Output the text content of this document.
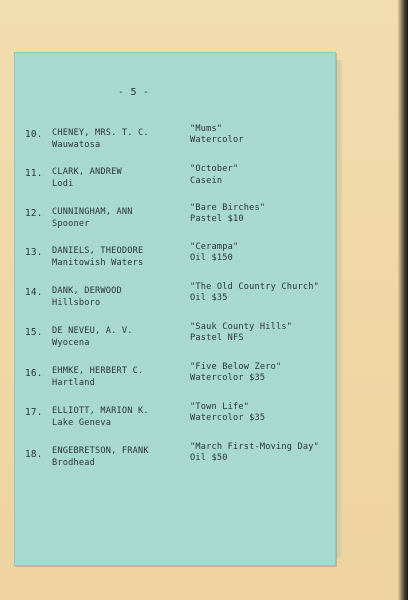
- 5 -
10. CHENEY, MRS. T. C.
Wauwatosa
"Mums"
Watercolor
11. CLARK, ANDREW
Lodi
"October"
Casein
12. CUNNINGHAM, ANN
Spooner
"Bare Birches"
Pastel $10
13. DANIELS, THEODORE
Manitowish Waters
"Cerampa"
Oil $150
14. DANK, DERWOOD
Hillsboro
"The Old Country Church"
Oil $35
15. DE NEVEU, A. V.
Wyocena
"Sauk County Hills"
Pastel NFS
16. EHMKE, HERBERT C.
Hartland
"Five Below Zero"
Watercolor $35
17. ELLIOTT, MARION K.
Lake Geneva
"Town Life"
Watercolor $35
18. ENGEBRETSON, FRANK
Brodhead
"March First-Moving Day"
Oil $50
